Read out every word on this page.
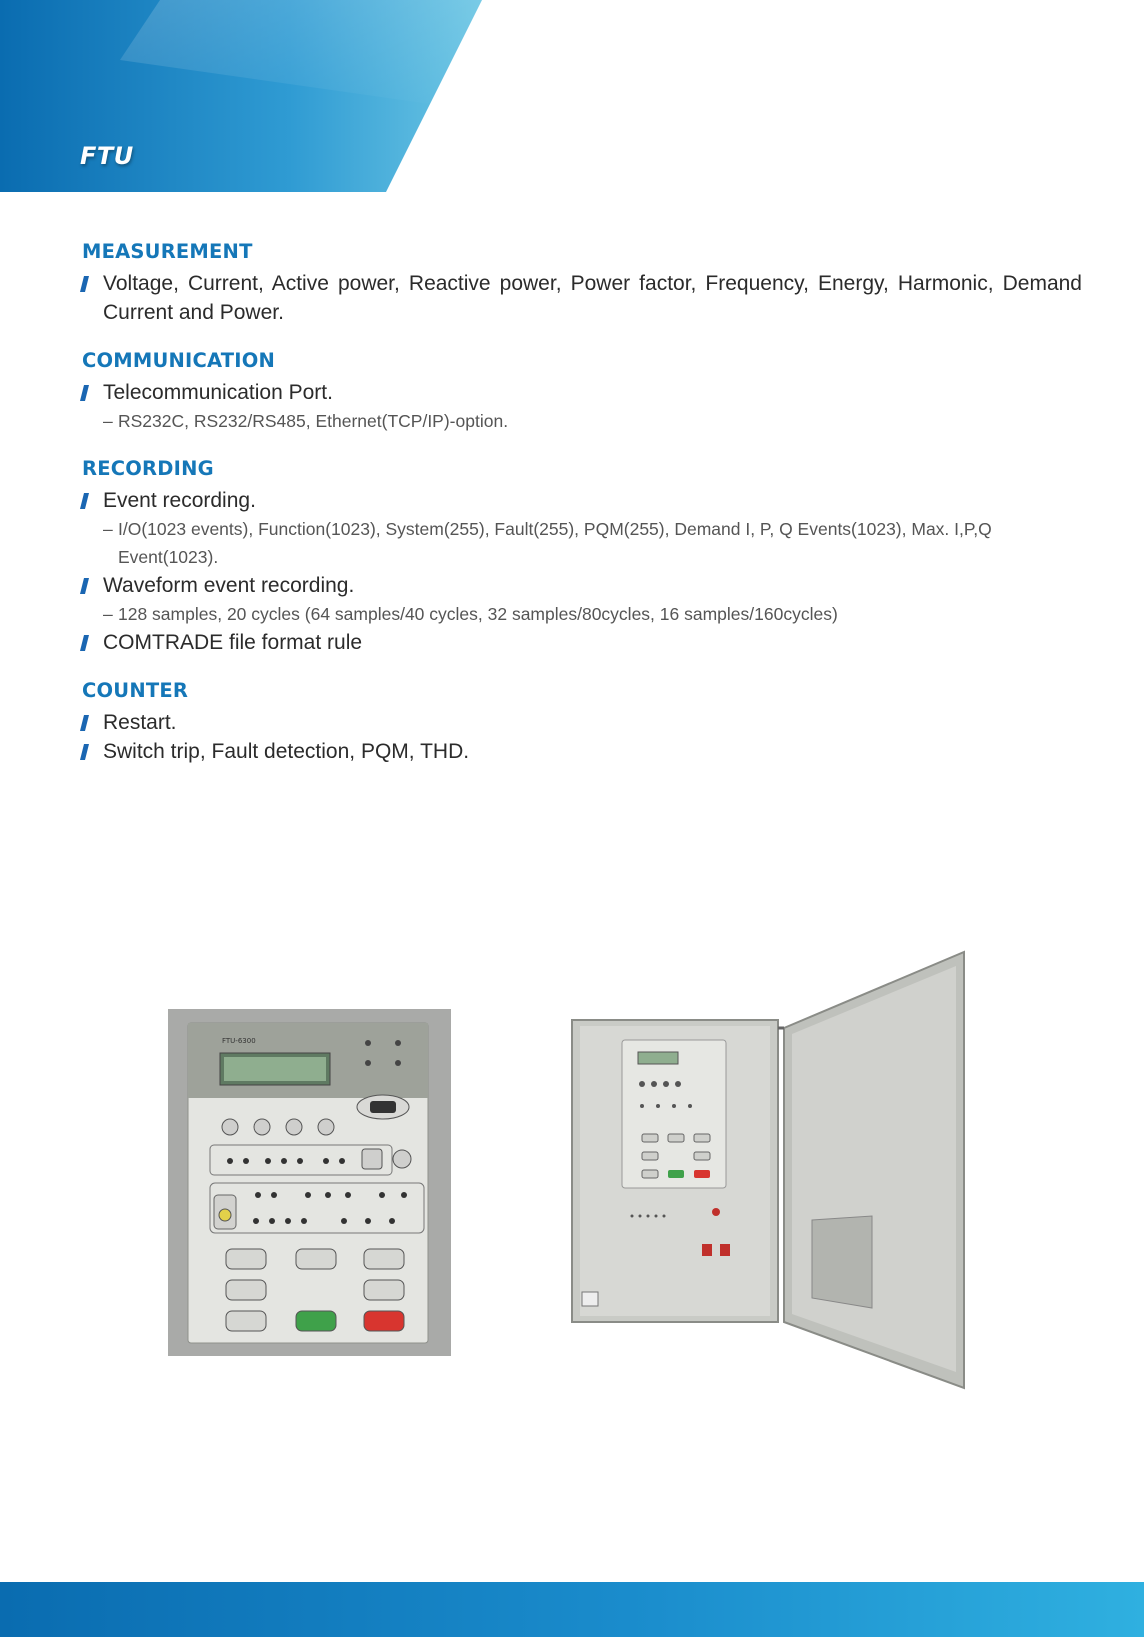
FTU
MEASUREMENT
Voltage, Current, Active power, Reactive power, Power factor, Frequency, Energy, Harmonic, Demand Current and Power.
COMMUNICATION
Telecommunication Port.
– RS232C, RS232/RS485, Ethernet(TCP/IP)-option.
RECORDING
Event recording.
– I/O(1023 events), Function(1023), System(255), Fault(255), PQM(255), Demand I, P, Q Events(1023), Max. I,P,Q
Event(1023).
Waveform event recording.
– 128 samples, 20 cycles (64 samples/40 cycles, 32 samples/80cycles, 16 samples/160cycles)
COMTRADE file format rule
COUNTER
Restart.
Switch trip, Fault detection, PQM, THD.
FTU-6300
